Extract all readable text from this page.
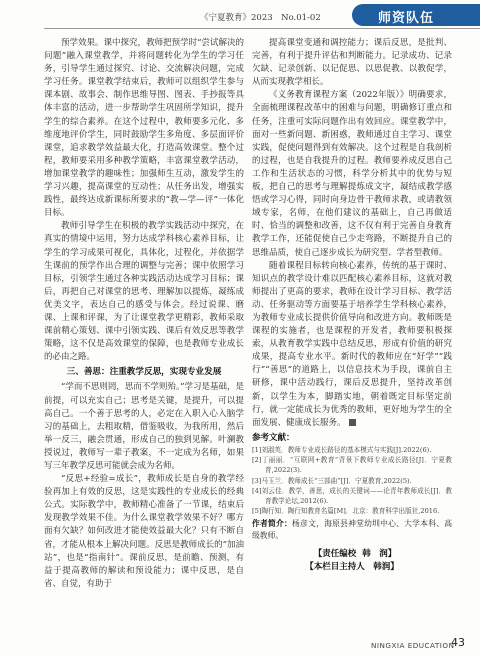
《宁夏教育》2023　No.01-02	师资队伍

预学效果。课中探究，教师把预学时“尝试解决的问题”融入课堂教学，并将问题转化为学生的学习任务，引导学生通过探究、讨论、交流解决问题，完成学习任务。课堂教学结束后，教师可以组织学生参与课本剧、故事会、制作思维导图、图表、手抄报等具体丰富的活动，进一步帮助学生巩固所学知识，提升学生的综合素养。在这个过程中，教师要多元化、多维度地评价学生，同时鼓励学生多角度、多层面评价课堂，追求教学效益最大化，打造高效课堂。整个过程，教师要采用多种教学策略，丰富课堂教学活动，增加课堂教学的趣味性；加强师生互动，激发学生的学习兴趣，提高课堂的互动性；从任务出发，增强实践性，最终达成新课标所要求的“教—学—评”一体化目标。

教师引导学生在积极的教学实践活动中探究，在真实的情境中运用，努力达成学科核心素养目标，让学生的学习成果可视化，具体化，过程化，并依据学生课前的预学作出合理的调整与完善；课中依照学习目标，引领学生通过各种实践活动达成学习目标；课后，再把自己对课堂的思考、理解加以提炼，凝练成优美文字，表达自己的感受与体会。经过说课、磨课、上课和评课，为了让课堂教学更精彩，教师采取课前精心策划、课中引领实践、课后有效反思等教学策略，这不仅是高效课堂的保障，也是教师专业成长的必由之路。

三、善思：注重教学反思，实现专业发展

“学而不思则罔，思而不学则殆。”学习是基础，是前提，可以充实自己；思考是关键，是提升，可以提高自己。一个善于思考的人，必定在入职入心入脑学习的基础上，去粗取精，借鉴吸收，为我所用，然后举一反三，融会贯通，形成自己的独到见解。叶澜教授说过，教师写一辈子教案，不一定成为名师，如果写三年教学反思可能就会成为名师。

“反思+经验=成长”，教师成长是自身的教学经验再加上有效的反思，这是实践性的专业成长的经典公式。实际教学中，教师精心准备了一节课，结束后发现教学效果不佳。为什么课堂教学效果不好？哪方面有欠缺？如何改进才能使效益最大化？只有不断自省，才能从根本上解决问题。反思是教师成长的“加油站”，也是“指南针”。课前反思，是前瞻、预测，有益于提高教师的解读和预设能力；课中反思，是自省、自觉，有助于

提高课堂变通和调控能力；课后反思，是批判、完善，有利于提升评估和判断能力。记录成功、记录欠缺、记录创新、以记促思、以思促教、以教促学，从而实现教学相长。

《义务教育课程方案（2022年版）》明确要求，全面梳理课程改革中的困难与问题，明确修订重点和任务，注重可实际问题作出有效回应。课堂教学中，面对一些新问题、新困惑，教师通过自主学习、课堂实践，促使问题得到有效解决。这个过程是自我剖析的过程，也是自我提升的过程。教师要养成反思自己工作和生活状态的习惯，科学分析其中的优势与短板，把自己的思考与理解提炼成文字，凝结成教学感悟或学习心得，同时向身边骨干教师求教，或请教领域专家，名师，在他们建议的基础上，自己再做适时、恰当的调整和改善，这不仅有利于完善自身教育教学工作，还能促使自己少走弯路，不断提升自己的思维品质，使自己逐步成长为研究型、学者型教师。

随着课程目标转向核心素养，传统的基于课时、知识点的教学设计难以匹配核心素养目标，这就对教师提出了更高的要求，教师在设计学习目标、教学活动、任务驱动等方面要基于培养学生学科核心素养，为教师专业成长提供价值导向和改进方向。教师既是课程的实施者，也是课程的开发者，教师要积极探索，从教育教学实践中总结反思，形成有价值的研究成果，提高专业水平。新时代的教师应在“好学”“践行”“善思”的道路上，以信息技术为手段，课前自主研修，课中活动践行，课后反思提升，坚持改革创新，以学生为本，脚踏实地，朝着既定目标坚定前行，就一定能成长为优秀的教师，更好地为学生的全面发展、健康成长服务。

参考文献：
[1]刘淑英．教师专业成长路径的基本模式与实践[J].2022(6).
[2]丁丽丽．“互联网+教育”背景下教师专业成长路径[J]．宁夏教育,2022(3).
[3]马玉兰．教师成长“三部曲”[J]．宁夏教育,2022(5).
[4]刘云佳．教学，善思，成长的关键词——论青年教师成长[J]．教育教学论坛,2012(6).
[5]陶行知．陶行知教育名篇[M]．北京：教育科学出版社,2016.
作者简介：杨彦文，海原县神堂幼圳中心、大学本科、高级教师。
【责任编校 韩　润】
【本栏目主持人　韩润】
NINGXIA EDUCATION
43
